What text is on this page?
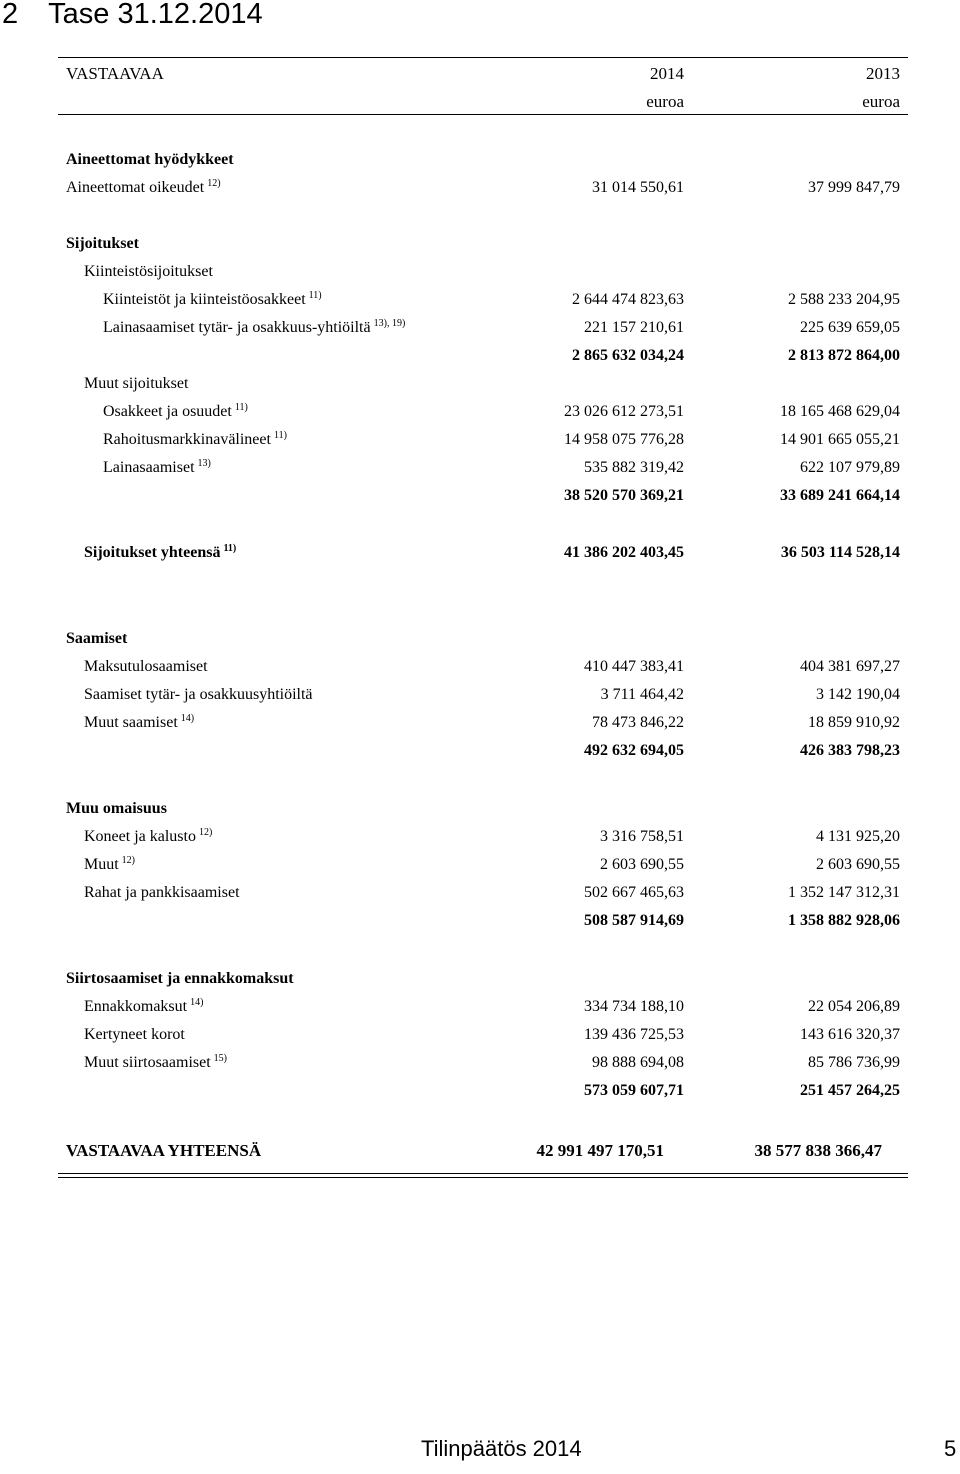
2 Tase 31.12.2014
VASTAAVAA	2014	2013
euroa	euroa
Aineettomat hyödykkeet
Aineettomat oikeudet $^{12)}$	31 014 550,61	37 999 847,79
Sijoitukset
Kiinteistösijoitukset
Kiinteistöt ja kiinteistöosakkeet $^{11)}$	2 644 474 823,63	2 588 233 204,95
Lainasaamiset tytär- ja osakkuus-yhtiöiltä $^{13), 19)}$	221 157 210,61	225 639 659,05
2 865 632 034,24	2 813 872 864,00
Muut sijoitukset
Osakkeet ja osuudet $^{11)}$	23 026 612 273,51	18 165 468 629,04
Rahoitusmarkkinavälineet $^{11)}$	14 958 075 776,28	14 901 665 055,21
Lainasaamiset $^{13)}$	535 882 319,42	622 107 979,89
38 520 570 369,21	33 689 241 664,14
Sijoitukset yhteensä $^{11)}$	41 386 202 403,45	36 503 114 528,14
Saamiset
Maksutulosaamiset	410 447 383,41	404 381 697,27
Saamiset tytär- ja osakkuusyhtiöiltä	3 711 464,42	3 142 190,04
Muut saamiset $^{14)}$	78 473 846,22	18 859 910,92
492 632 694,05	426 383 798,23
Muu omaisuus
Koneet ja kalusto $^{12)}$	3 316 758,51	4 131 925,20
Muut $^{12)}$	2 603 690,55	2 603 690,55
Rahat ja pankkisaamiset	502 667 465,63	1 352 147 312,31
508 587 914,69	1 358 882 928,06
Siirtosaamiset ja ennakkomaksut
Ennakkomaksut $^{14)}$	334 734 188,10	22 054 206,89
Kertyneet korot	139 436 725,53	143 616 320,37
Muut siirtosaamiset $^{15)}$	98 888 694,08	85 786 736,99
573 059 607,71	251 457 264,25
VASTAAVAA YHTEENSÄ	42 991 497 170,51	38 577 838 366,47
Tilinpäätös 2014	5
